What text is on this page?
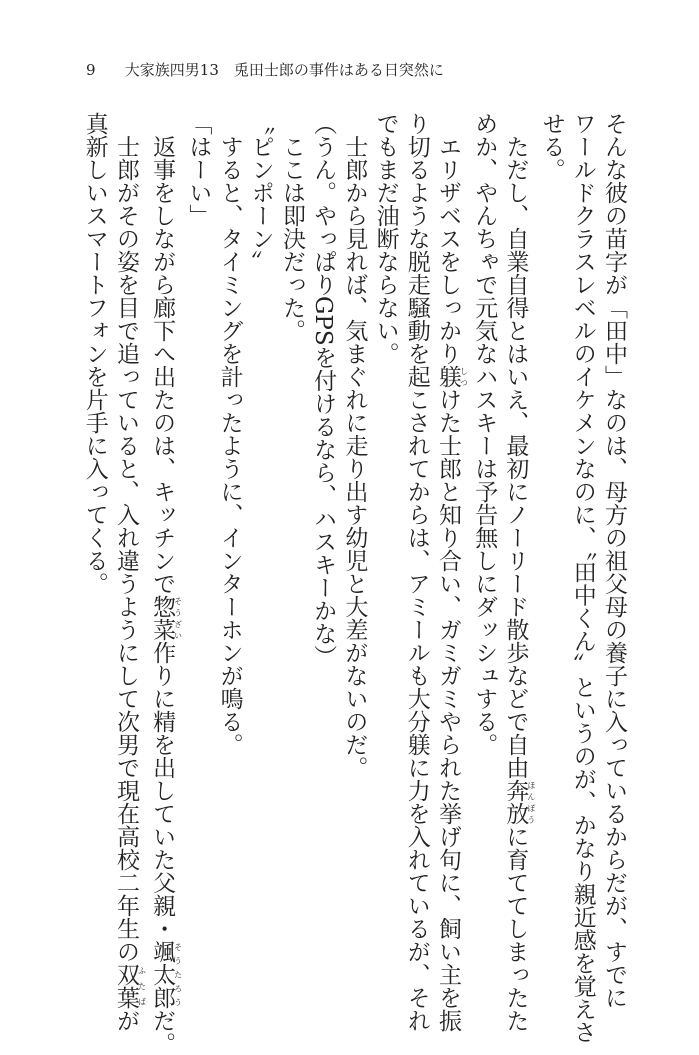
9 大家族四男13　兎田士郎の事件はある日突然に
そんな彼の苗字が「田中」なのは、母方の祖父母の養子に入っているからだが、すでに
ワールドクラスレベルのイケメンなのに、〝田中くん〟というのが、かなり親近感を覚えさ
せる。
　ただし、自業自得とはいえ、最初にノーリード散歩などで自由奔放ほんぽうに育ててしまったた
めか、やんちゃで元気なハスキーは予告無しにダッシュする。
　エリザベスをしっかり躾しつけた士郎と知り合い、ガミガミやられた挙げ句に、飼い主を振
り切るような脱走騒動を起こされてからは、アミールも大分躾に力を入れているが、それ
でもまだ油断ならない。
　士郎から見れば、気まぐれに走り出す幼児と大差がないのだ。
（うん。やっぱりGPSを付けるなら、ハスキーかな）
　ここは即決だった。
〝ピンポーン〟
　すると、タイミングを計ったように、インターホンが鳴る。
「はーい」
　返事をしながら廊下へ出たのは、キッチンで惣菜そうざい作りに精を出していた父親・颯太郎そうたろうだ。
　士郎がその姿を目で追っていると、入れ違うようにして次男で現在高校二年生の双葉ふたばが
真新しいスマートフォンを片手に入ってくる。
